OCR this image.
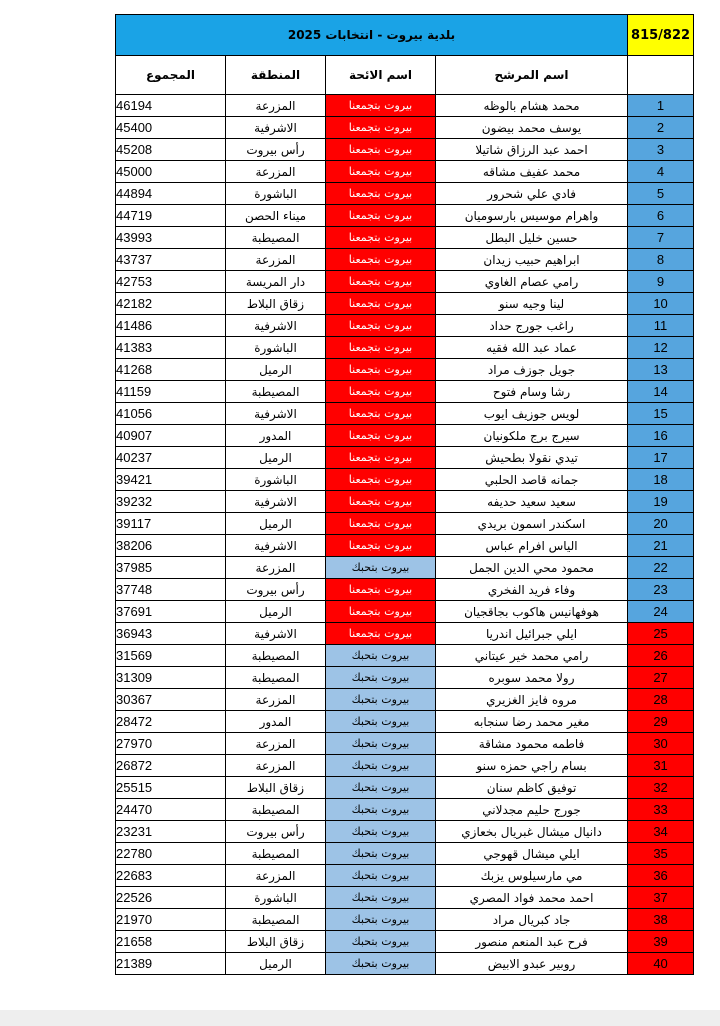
بلدية بيروت - انتخابات 2025				815/822
المجموع	المنطقة	اسم الائحة	اسم المرشح	
46194	المزرعة	بيروت بتجمعنا	محمد هشام بالوظه	1
45400	الاشرفية	بيروت بتجمعنا	يوسف محمد بيضون	2
45208	رأس بيروت	بيروت بتجمعنا	احمد عبد الرزاق شاتيلا	3
45000	المزرعة	بيروت بتجمعنا	محمد عفيف مشاقه	4
44894	الباشورة	بيروت بتجمعنا	فادي علي شحرور	5
44719	ميناء الحصن	بيروت بتجمعنا	واهرام موسيس بارسوميان	6
43993	المصيطبة	بيروت بتجمعنا	حسين خليل البطل	7
43737	المزرعة	بيروت بتجمعنا	ابراهيم حبيب زيدان	8
42753	دار المريسة	بيروت بتجمعنا	رامي عصام الغاوي	9
42182	زقاق البلاط	بيروت بتجمعنا	لينا وجيه سنو	10
41486	الاشرفية	بيروت بتجمعنا	راغب جورج حداد	11
41383	الباشورة	بيروت بتجمعنا	عماد عبد الله فقيه	12
41268	الرميل	بيروت بتجمعنا	جويل جوزف مراد	13
41159	المصيطبة	بيروت بتجمعنا	رشا وسام فتوح	14
41056	الاشرفية	بيروت بتجمعنا	لويس جوزيف ايوب	15
40907	المدور	بيروت بتجمعنا	سيرج برج ملكونيان	16
40237	الرميل	بيروت بتجمعنا	تيدي نقولا بطحيش	17
39421	الباشورة	بيروت بتجمعنا	جمانه قاصد الحلبي	18
39232	الاشرفية	بيروت بتجمعنا	سعيد سعيد حديفه	19
39117	الرميل	بيروت بتجمعنا	اسكندر اسمون بريدي	20
38206	الاشرفية	بيروت بتجمعنا	الياس افرام عباس	21
37985	المزرعة	بيروت بتحبك	محمود محي الدين الجمل	22
37748	رأس بيروت	بيروت بتجمعنا	وفاء فريد الفخري	23
37691	الرميل	بيروت بتجمعنا	هوفهانيس هاكوب بجاقجيان	24
36943	الاشرفية	بيروت بتجمعنا	ايلي جبرائيل اندريا	25
31569	المصيطبة	بيروت بتحبك	رامي محمد خير عيتاني	26
31309	المصيطبة	بيروت بتحبك	رولا محمد سوبره	27
30367	المزرعة	بيروت بتحبك	مروه فايز الغزيري	28
28472	المدور	بيروت بتحبك	مغير محمد رضا سنجابه	29
27970	المزرعة	بيروت بتحبك	فاطمه محمود مشاقة	30
26872	المزرعة	بيروت بتحبك	بسام راجي حمزه سنو	31
25515	زقاق البلاط	بيروت بتحبك	توفيق كاظم سنان	32
24470	المصيطبة	بيروت بتحبك	جورج حليم مجدلاني	33
23231	رأس بيروت	بيروت بتحبك	دانيال ميشال غبريال بخعازي	34
22780	المصيطبة	بيروت بتحبك	ايلي ميشال قهوجي	35
22683	المزرعة	بيروت بتحبك	مي مارسيلوس يزبك	36
22526	الباشورة	بيروت بتحبك	احمد محمد فواد المصري	37
21970	المصيطبة	بيروت بتحبك	جاد كبريال مراد	38
21658	زقاق البلاط	بيروت بتحبك	فرح عبد المنعم منصور	39
21389	الرميل	بيروت بتحبك	روبير عبدو الابيض	40
